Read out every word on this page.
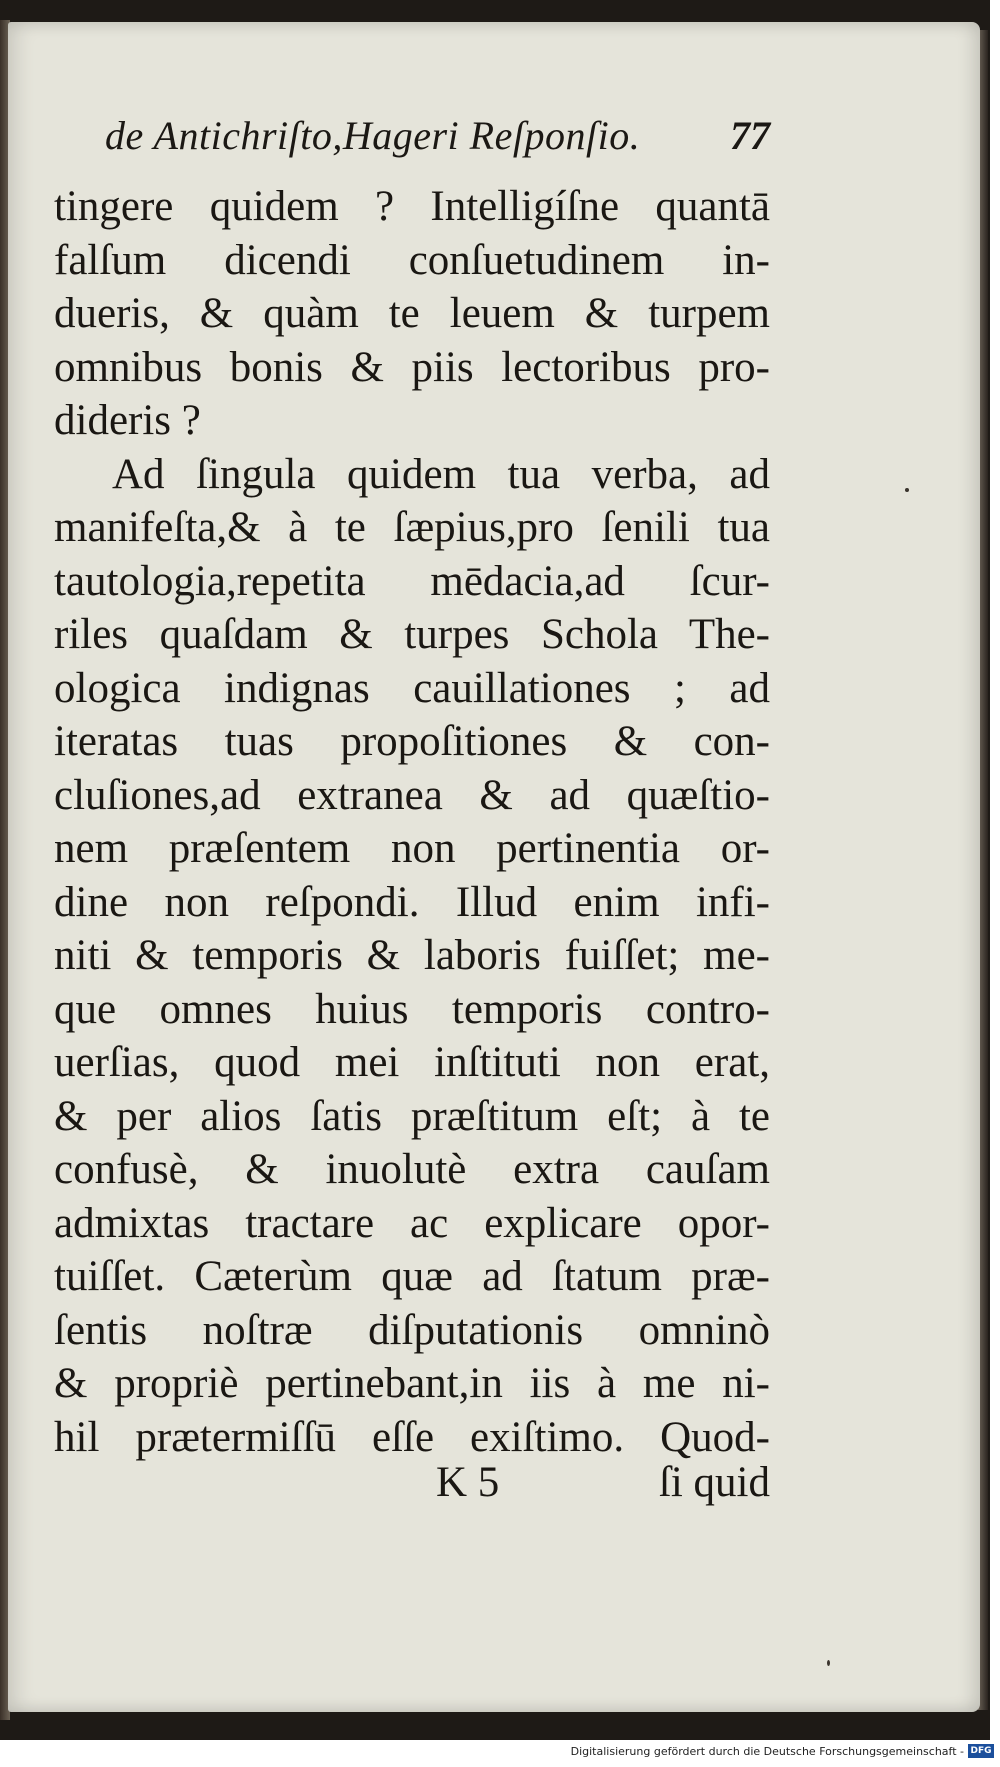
de Antichriſto,Hageri Reſponſio. 77
tingere quidem ? Intelligíſne quantā
falſum dicendi conſuetudinem in-
dueris, & quàm te leuem & turpem
omnibus bonis & piis lectoribus pro-
dideris ?
Ad ſingula quidem tua verba, ad
manifeſta,& à te ſæpius,pro ſenili tua
tautologia,repetita mēdacia,ad ſcur-
riles quaſdam & turpes Schola The-
ologica indignas cauillationes ; ad
iteratas tuas propoſitiones & con-
cluſiones,ad extranea & ad quæſtio-
nem præſentem non pertinentia or-
dine non reſpondi. Illud enim infi-
niti & temporis & laboris fuiſſet; me-
que omnes huius temporis contro-
uerſias, quod mei inſtituti non erat,
& per alios ſatis præſtitum eſt; à te
confusè, & inuolutè extra cauſam
admixtas tractare ac explicare opor-
tuiſſet. Cæterùm quæ ad ſtatum præ-
ſentis noſtræ diſputationis omninò
& propriè pertinebant,in iis à me ni-
hil prætermiſſū eſſe exiſtimo. Quod-
K 5	ſi quid
Digitalisierung gefördert durch die Deutsche Forschungsgemeinschaft - DFG
